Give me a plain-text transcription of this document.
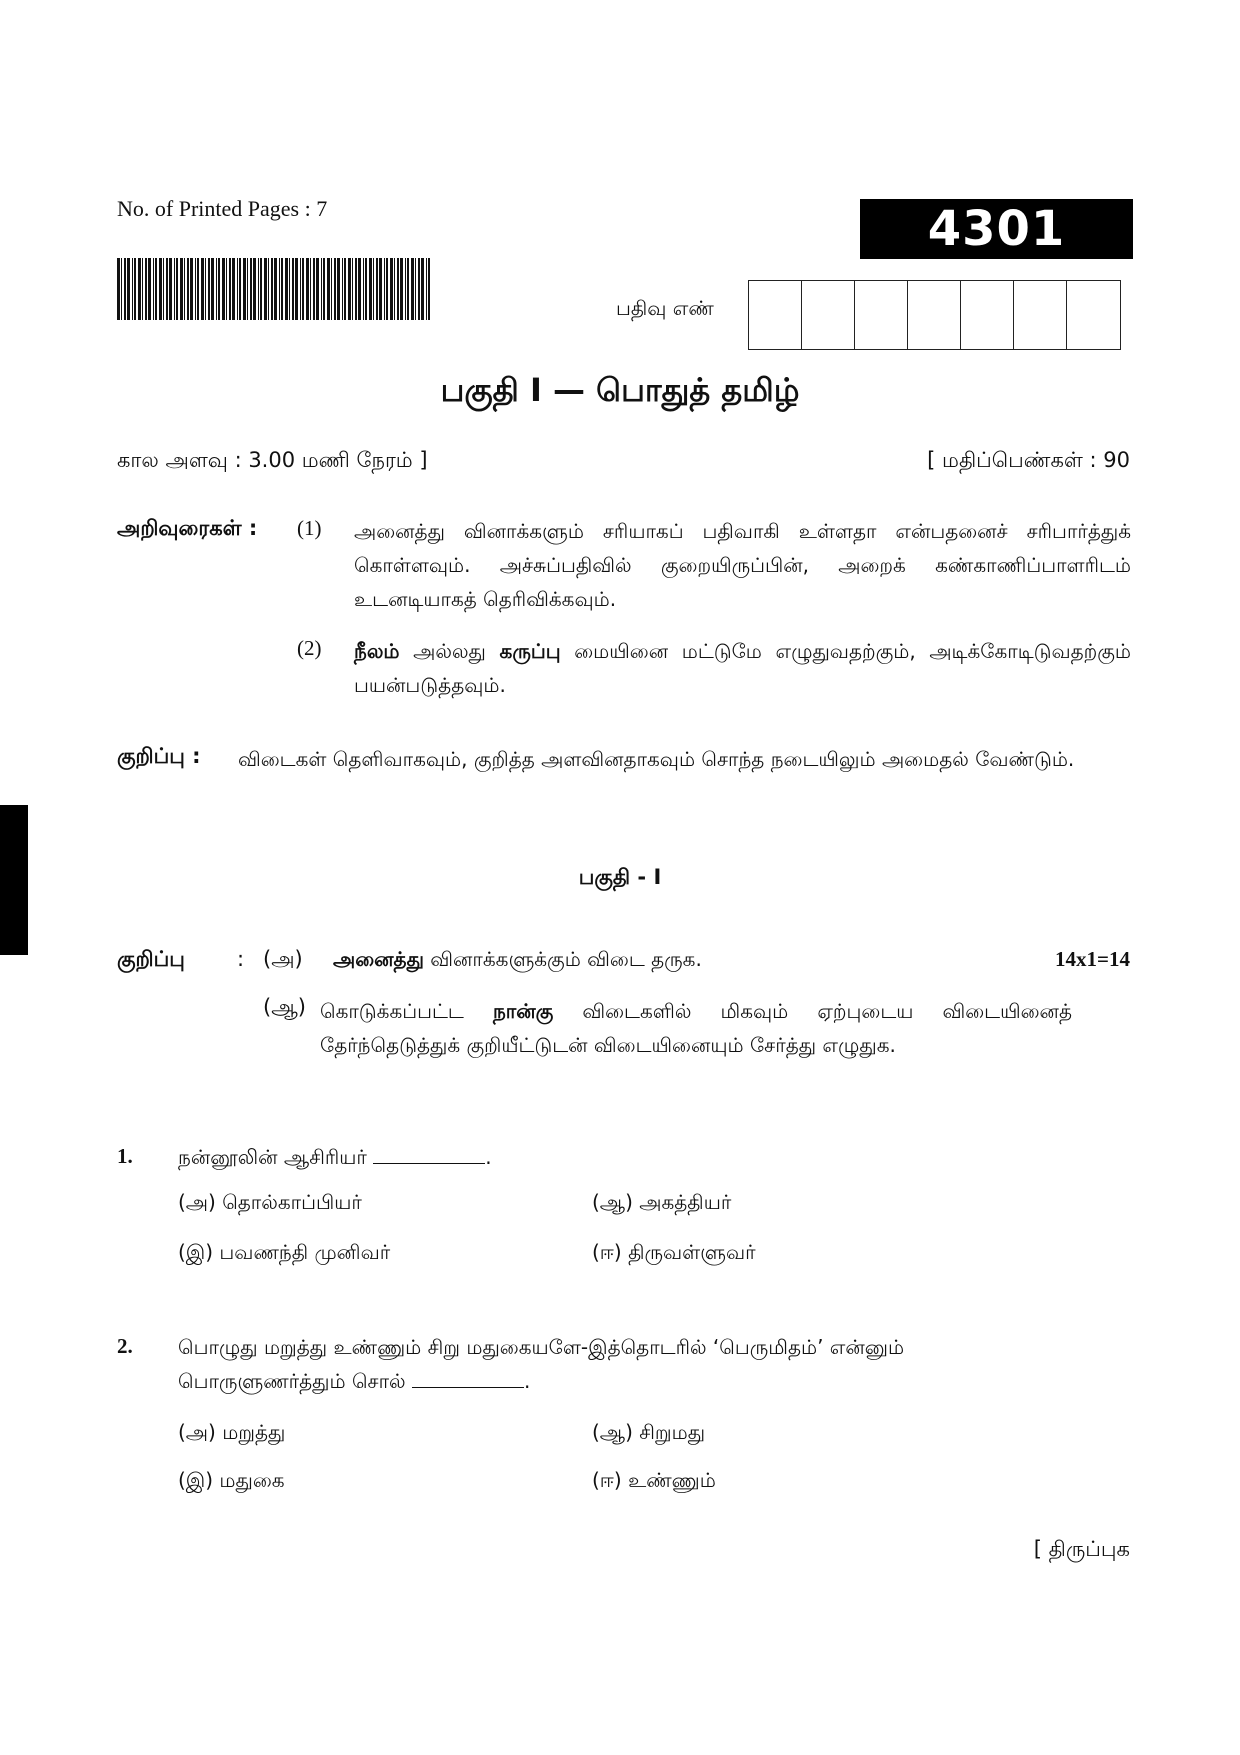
No. of Printed Pages : 7	4301 (NS)
பதிவு எண்
பகுதி I — பொதுத் தமிழ்
கால அளவு : 3.00 மணி நேரம் ]	[ மதிப்பெண்கள் : 90
அறிவுரைகள் : (1) அனைத்து வினாக்களும் சரியாகப் பதிவாகி உள்ளதா என்பதனைச் சரிபார்த்துக் கொள்ளவும். அச்சுப்பதிவில் குறையிருப்பின், அறைக் கண்காணிப்பாளரிடம் உடனடியாகத் தெரிவிக்கவும்.
(2) நீலம் அல்லது கருப்பு மையினை மட்டுமே எழுதுவதற்கும், அடிக்கோடிடுவதற்கும் பயன்படுத்தவும்.
குறிப்பு : விடைகள் தெளிவாகவும், குறித்த அளவினதாகவும் சொந்த நடையிலும் அமைதல் வேண்டும்.
பகுதி - I
குறிப்பு : (அ) அனைத்து வினாக்களுக்கும் விடை தருக.	14x1=14
(ஆ) கொடுக்கப்பட்ட நான்கு விடைகளில் மிகவும் ஏற்புடைய விடையினைத் தேர்ந்தெடுத்துக் குறியீட்டுடன் விடையினையும் சேர்த்து எழுதுக.
1. நன்னூலின் ஆசிரியர்	.
(அ) தொல்காப்பியர்	(ஆ) அகத்தியர்
(இ) பவணந்தி முனிவர்	(ஈ) திருவள்ளுவர்
2. பொழுது மறுத்து உண்ணும் சிறு மதுகையளே-இத்தொடரில் ‘பெருமிதம்’ என்னும் பொருளுணர்த்தும் சொல்	.
(அ) மறுத்து	(ஆ) சிறுமது
(இ) மதுகை	(ஈ) உண்ணும்
[ திருப்புக
